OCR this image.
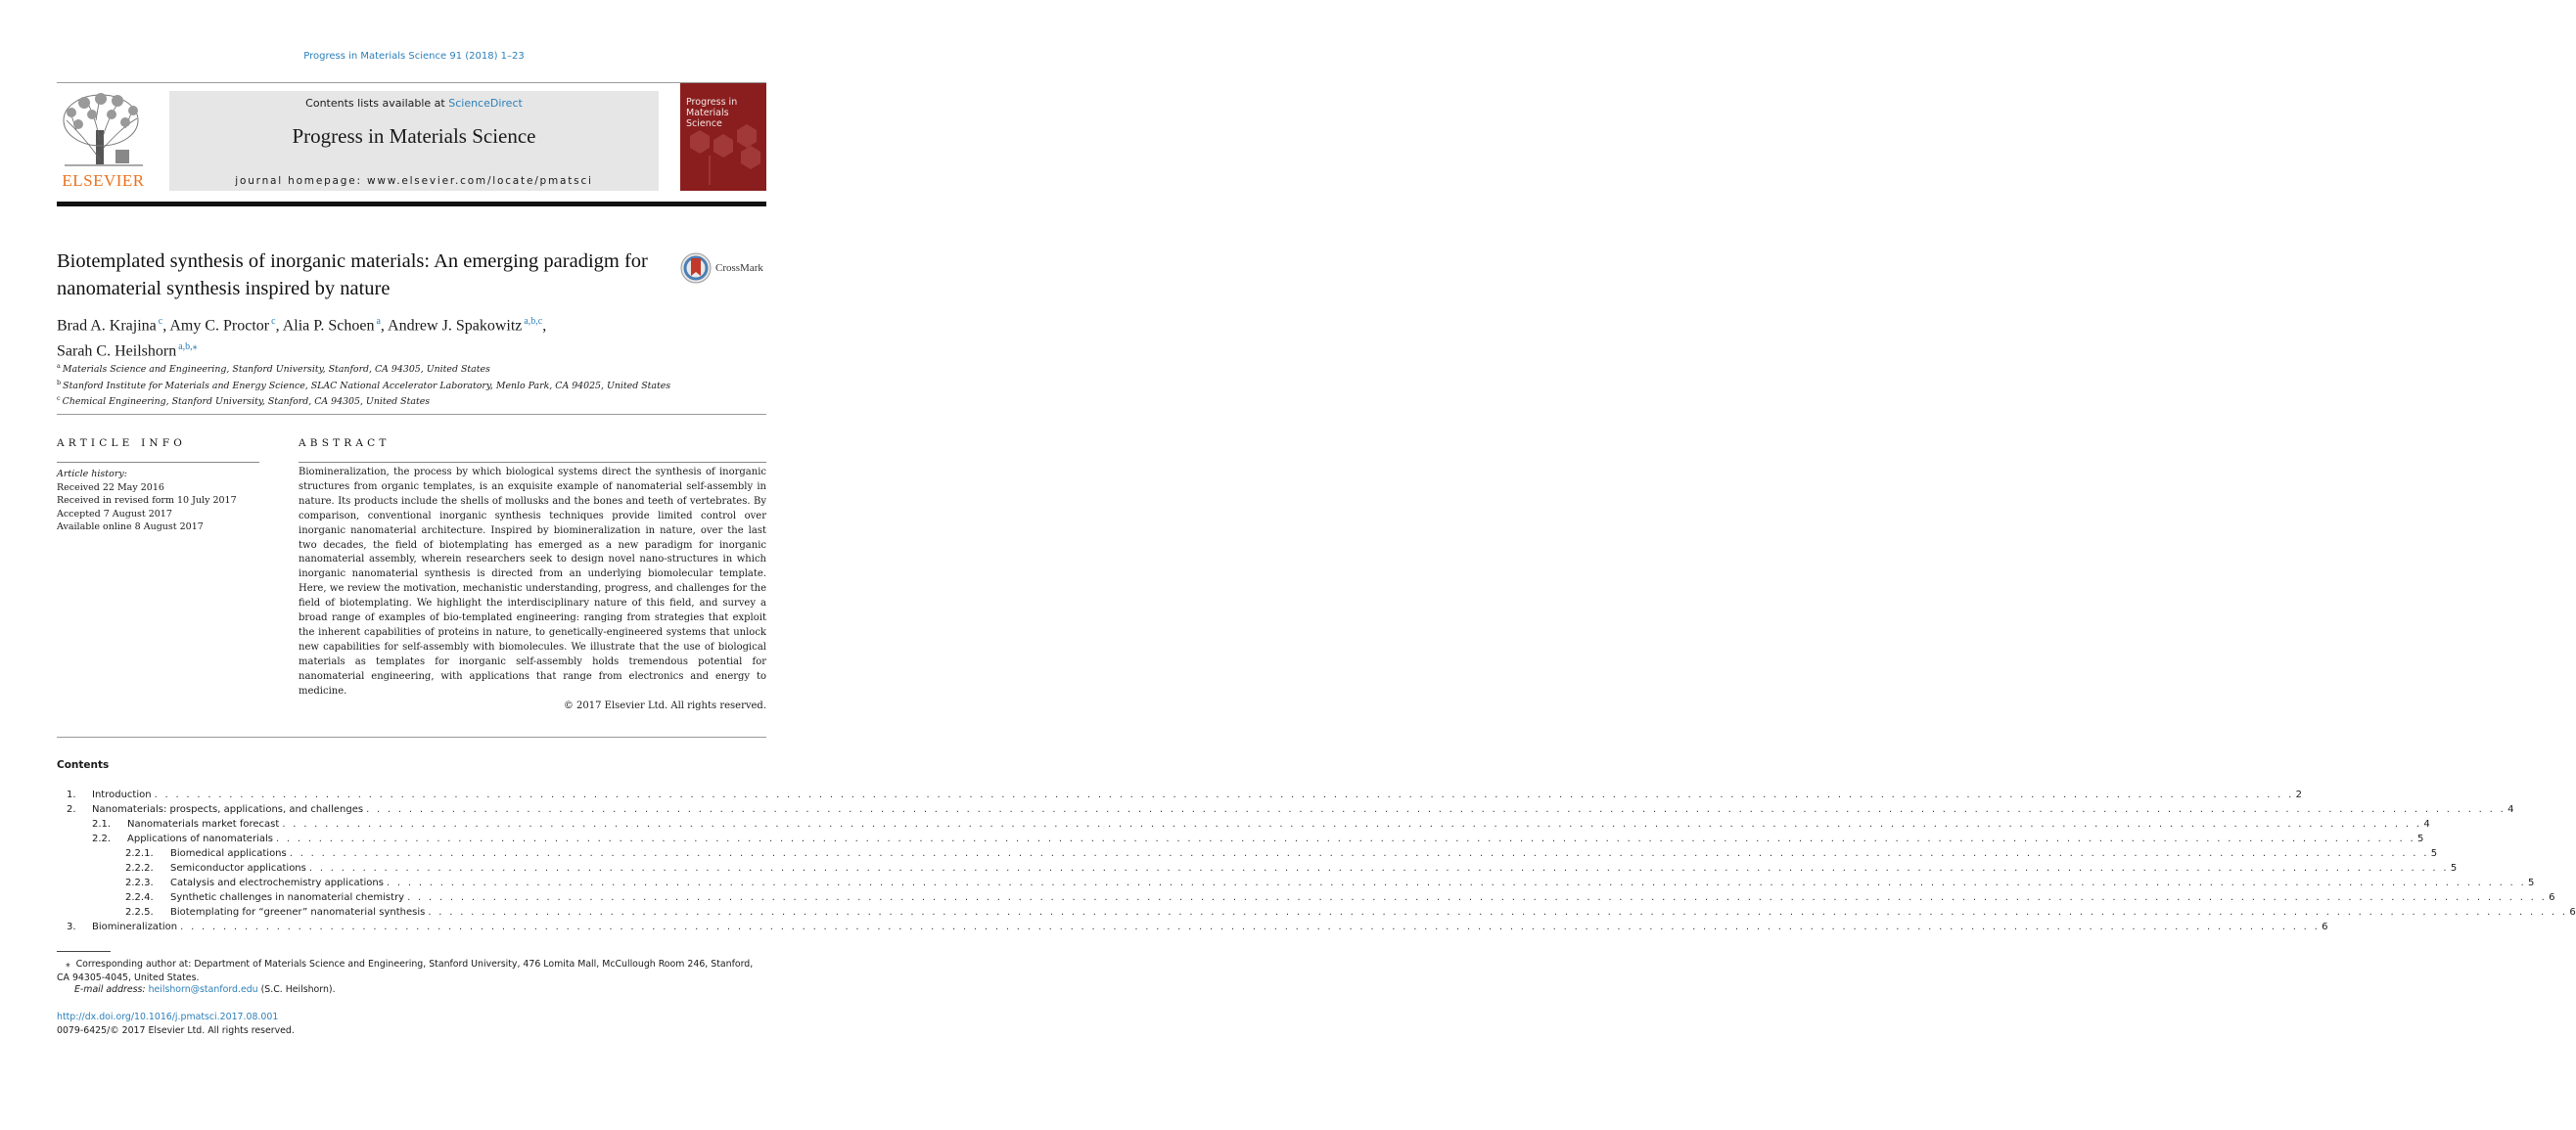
Progress in Materials Science 91 (2018) 1–23
ELSEVIER
Contents lists available at ScienceDirect
Progress in Materials Science
journal homepage: www.elsevier.com/locate/pmatsci
Progress in Materials Science
Biotemplated synthesis of inorganic materials: An emerging paradigm for nanomaterial synthesis inspired by nature
CrossMark
Brad A. Krajina $^c$, Amy C. Proctor $^c$, Alia P. Schoen $^a$, Andrew J. Spakowitz $^{a,b,c}$,
Sarah C. Heilshorn $^{a,b,⁎}$
$^a$ Materials Science and Engineering, Stanford University, Stanford, CA 94305, United States
$^b$ Stanford Institute for Materials and Energy Science, SLAC National Accelerator Laboratory, Menlo Park, CA 94025, United States
$^c$ Chemical Engineering, Stanford University, Stanford, CA 94305, United States
ARTICLE INFO	ABSTRACT
Article history:
Received 22 May 2016
Received in revised form 10 July 2017
Accepted 7 August 2017
Available online 8 August 2017
Biomineralization, the process by which biological systems direct the synthesis of inorganic structures from organic templates, is an exquisite example of nanomaterial self-assembly in nature. Its products include the shells of mollusks and the bones and teeth of vertebrates. By comparison, conventional inorganic synthesis techniques provide limited control over inorganic nanomaterial architecture. Inspired by biomineralization in nature, over the last two decades, the field of biotemplating has emerged as a new paradigm for inorganic nanomaterial assembly, wherein researchers seek to design novel nano-structures in which inorganic nanomaterial synthesis is directed from an underlying biomolecular template. Here, we review the motivation, mechanistic understanding, progress, and challenges for the field of biotemplating. We highlight the interdisciplinary nature of this field, and survey a broad range of examples of bio-templated engineering: ranging from strategies that exploit the inherent capabilities of proteins in nature, to genetically-engineered systems that unlock new capabilities for self-assembly with biomolecules. We illustrate that the use of biological materials as templates for inorganic self-assembly holds tremendous potential for nanomaterial engineering, with applications that range from electronics and energy to medicine.
© 2017 Elsevier Ltd. All rights reserved.
Contents
1. Introduction . . . . . . . . . . . . . . . . . . . . . . . . . . . . . . . . . . . . . . . . . . . . . . . . . . . . . . . . . . . . . . . . . . . . . . . . . . . . . . . . . . . . . . . . . . . . . . . . . . . . . . . . . . . . . . . . . . . . . . . . . . . . . . . . . . . . . . . . . . . . . . . . . . . . . . . . . . . . . . . . . . . . . . . . . . . . . . . . . . . . . . . . . . . . . . . . . . . . . . . . 2
2. Nanomaterials: prospects, applications, and challenges . . . . . . . . . . . . . . . . . . . . . . . . . . . . . . . . . . . . . . . . . . . . . . . . . . . . . . . . . . . . . . . . . . . . . . . . . . . . . . . . . . . . . . . . . . . . . . . . . . . . . . . . . . . . . . . . . . . . . . . . . . . . . . . . . . . . . . . . . . . . . . . . . . . . . . . . . . . . . . . . . . . . . . . . . . . . . . . . . . . . . . . . . . . . . . . . . . . . . . . . 4
2.1. Nanomaterials market forecast . . . . . . . . . . . . . . . . . . . . . . . . . . . . . . . . . . . . . . . . . . . . . . . . . . . . . . . . . . . . . . . . . . . . . . . . . . . . . . . . . . . . . . . . . . . . . . . . . . . . . . . . . . . . . . . . . . . . . . . . . . . . . . . . . . . . . . . . . . . . . . . . . . . . . . . . . . . . . . . . . . . . . . . . . . . . . . . . . . . . . . . . . . . . . . . . . . . . . . . . 4
2.2. Applications of nanomaterials . . . . . . . . . . . . . . . . . . . . . . . . . . . . . . . . . . . . . . . . . . . . . . . . . . . . . . . . . . . . . . . . . . . . . . . . . . . . . . . . . . . . . . . . . . . . . . . . . . . . . . . . . . . . . . . . . . . . . . . . . . . . . . . . . . . . . . . . . . . . . . . . . . . . . . . . . . . . . . . . . . . . . . . . . . . . . . . . . . . . . . . . . . . . . . . . . . . . . . . . 5
2.2.1. Biomedical applications . . . . . . . . . . . . . . . . . . . . . . . . . . . . . . . . . . . . . . . . . . . . . . . . . . . . . . . . . . . . . . . . . . . . . . . . . . . . . . . . . . . . . . . . . . . . . . . . . . . . . . . . . . . . . . . . . . . . . . . . . . . . . . . . . . . . . . . . . . . . . . . . . . . . . . . . . . . . . . . . . . . . . . . . . . . . . . . . . . . . . . . . . . . . . . . . . . . . . . . . 5
2.2.2. Semiconductor applications . . . . . . . . . . . . . . . . . . . . . . . . . . . . . . . . . . . . . . . . . . . . . . . . . . . . . . . . . . . . . . . . . . . . . . . . . . . . . . . . . . . . . . . . . . . . . . . . . . . . . . . . . . . . . . . . . . . . . . . . . . . . . . . . . . . . . . . . . . . . . . . . . . . . . . . . . . . . . . . . . . . . . . . . . . . . . . . . . . . . . . . . . . . . . . . . . . . . . . . . 5
2.2.3. Catalysis and electrochemistry applications . . . . . . . . . . . . . . . . . . . . . . . . . . . . . . . . . . . . . . . . . . . . . . . . . . . . . . . . . . . . . . . . . . . . . . . . . . . . . . . . . . . . . . . . . . . . . . . . . . . . . . . . . . . . . . . . . . . . . . . . . . . . . . . . . . . . . . . . . . . . . . . . . . . . . . . . . . . . . . . . . . . . . . . . . . . . . . . . . . . . . . . . . . . . . . . . . . . . . . . . 5
2.2.4. Synthetic challenges in nanomaterial chemistry . . . . . . . . . . . . . . . . . . . . . . . . . . . . . . . . . . . . . . . . . . . . . . . . . . . . . . . . . . . . . . . . . . . . . . . . . . . . . . . . . . . . . . . . . . . . . . . . . . . . . . . . . . . . . . . . . . . . . . . . . . . . . . . . . . . . . . . . . . . . . . . . . . . . . . . . . . . . . . . . . . . . . . . . . . . . . . . . . . . . . . . . . . . . . . . . . . . . . . . . 6
2.2.5. Biotemplating for “greener” nanomaterial synthesis . . . . . . . . . . . . . . . . . . . . . . . . . . . . . . . . . . . . . . . . . . . . . . . . . . . . . . . . . . . . . . . . . . . . . . . . . . . . . . . . . . . . . . . . . . . . . . . . . . . . . . . . . . . . . . . . . . . . . . . . . . . . . . . . . . . . . . . . . . . . . . . . . . . . . . . . . . . . . . . . . . . . . . . . . . . . . . . . . . . . . . . . . . . . . . . . . . . . . . . . 6
3. Biomineralization . . . . . . . . . . . . . . . . . . . . . . . . . . . . . . . . . . . . . . . . . . . . . . . . . . . . . . . . . . . . . . . . . . . . . . . . . . . . . . . . . . . . . . . . . . . . . . . . . . . . . . . . . . . . . . . . . . . . . . . . . . . . . . . . . . . . . . . . . . . . . . . . . . . . . . . . . . . . . . . . . . . . . . . . . . . . . . . . . . . . . . . . . . . . . . . . . . . . . . . . 6
⁎ Corresponding author at: Department of Materials Science and Engineering, Stanford University, 476 Lomita Mall, McCullough Room 246, Stanford, CA 94305-4045, United States.
E-mail address: heilshorn@stanford.edu (S.C. Heilshorn).
http://dx.doi.org/10.1016/j.pmatsci.2017.08.001
0079-6425/© 2017 Elsevier Ltd. All rights reserved.
